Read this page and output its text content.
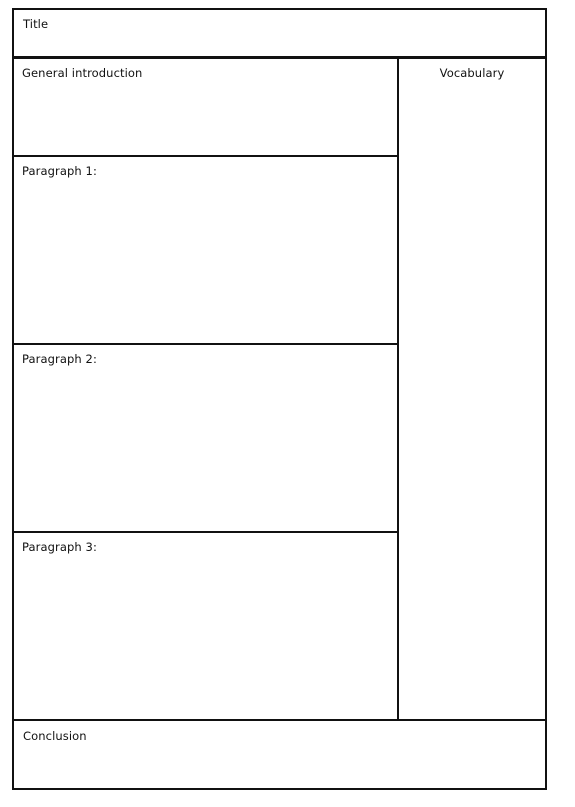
Title
General introduction
Paragraph 1:
Paragraph 2:
Paragraph 3:
Vocabulary
Conclusion
